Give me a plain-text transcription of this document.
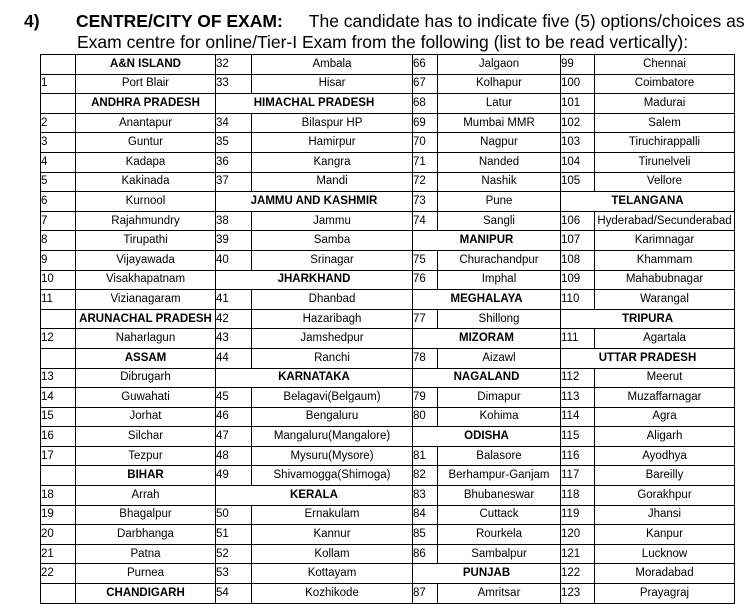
4) CENTRE/CITY OF EXAM: The candidate has to indicate five (5) options/choices as
Exam centre for online/Tier-I Exam from the following (list to be read vertically):
	A&N ISLAND	32	Ambala	66	Jalgaon	99	Chennai
1	Port Blair	33	Hisar	67	Kolhapur	100	Coimbatore
	ANDHRA PRADESH	HIMACHAL PRADESH		68	Latur	101	Madurai
2	Anantapur	34	Bilaspur HP	69	Mumbai MMR	102	Salem
3	Guntur	35	Hamirpur	70	Nagpur	103	Tiruchirappalli
4	Kadapa	36	Kangra	71	Nanded	104	Tirunelveli
5	Kakinada	37	Mandi	72	Nashik	105	Vellore
6	Kurnool	JAMMU AND KASHMIR		73	Pune	TELANGANA	
7	Rajahmundry	38	Jammu	74	Sangli	106	Hyderabad/Secunderabad
8	Tirupathi	39	Samba	MANIPUR		107	Karimnagar
9	Vijayawada	40	Srinagar	75	Churachandpur	108	Khammam
10	Visakhapatnam	JHARKHAND		76	Imphal	109	Mahabubnagar
11	Vizianagaram	41	Dhanbad	MEGHALAYA		110	Warangal
	ARUNACHAL PRADESH	42	Hazaribagh	77	Shillong	TRIPURA	
12	Naharlagun	43	Jamshedpur	MIZORAM		111	Agartala
	ASSAM	44	Ranchi	78	Aizawl	UTTAR PRADESH	
13	Dibrugarh	KARNATAKA		NAGALAND		112	Meerut
14	Guwahati	45	Belagavi(Belgaum)	79	Dimapur	113	Muzaffarnagar
15	Jorhat	46	Bengaluru	80	Kohima	114	Agra
16	Silchar	47	Mangaluru(Mangalore)	ODISHA		115	Aligarh
17	Tezpur	48	Mysuru(Mysore)	81	Balasore	116	Ayodhya
	BIHAR	49	Shivamogga(Shimoga)	82	Berhampur-Ganjam	117	Bareilly
18	Arrah	KERALA		83	Bhubaneswar	118	Gorakhpur
19	Bhagalpur	50	Ernakulam	84	Cuttack	119	Jhansi
20	Darbhanga	51	Kannur	85	Rourkela	120	Kanpur
21	Patna	52	Kollam	86	Sambalpur	121	Lucknow
22	Purnea	53	Kottayam	PUNJAB		122	Moradabad
	CHANDIGARH	54	Kozhikode	87	Amritsar	123	Prayagraj
